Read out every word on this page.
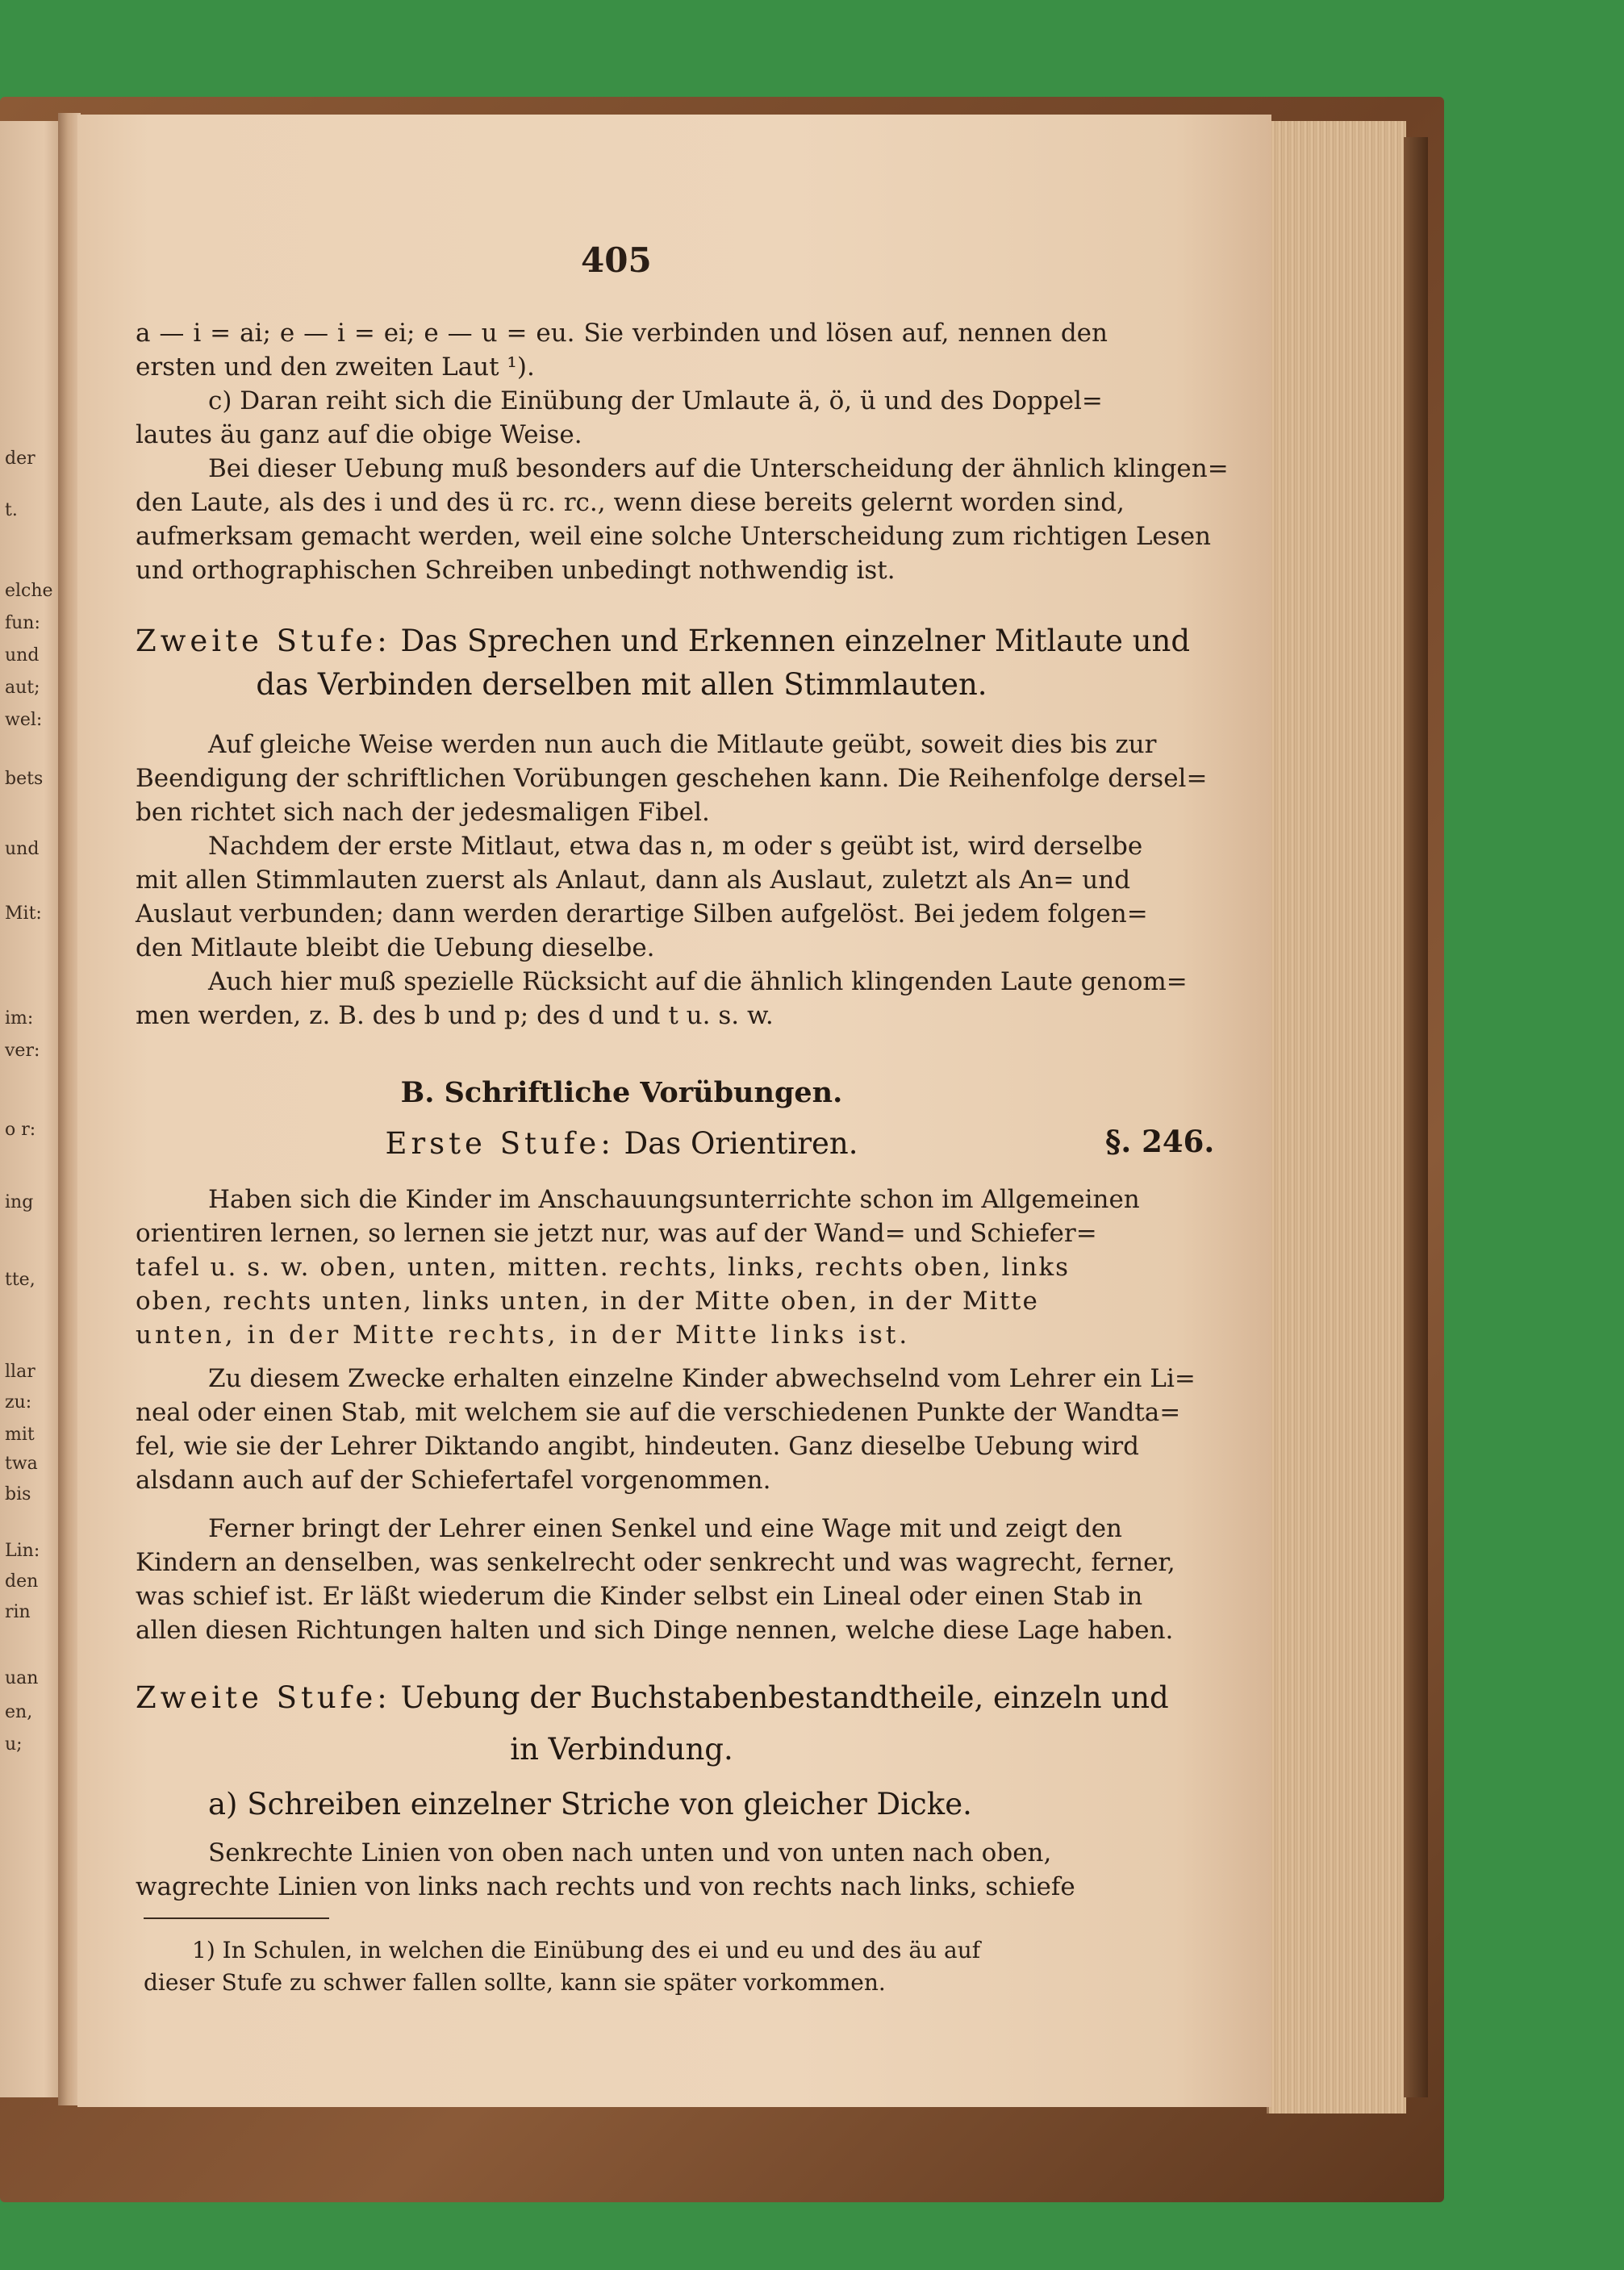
der
t.
elche
fun:
und
aut;
wel:
bets
und
Mit:
im:
ver:
o r:
ing
tte,
llar
zu:
mit
twa
bis
Lin:
den
rin
uan
en,
u;
405
a — i = ai; e — i = ei; e — u = eu. Sie verbinden und lösen auf, nennen den
ersten und den zweiten Laut ¹).
c) Daran reiht sich die Einübung der Umlaute ä, ö, ü und des Doppel=
lautes äu ganz auf die obige Weise.
Bei dieser Uebung muß besonders auf die Unterscheidung der ähnlich klingen=
den Laute, als des i und des ü rc. rc., wenn diese bereits gelernt worden sind,
aufmerksam gemacht werden, weil eine solche Unterscheidung zum richtigen Lesen
und orthographischen Schreiben unbedingt nothwendig ist.
Zweite Stufe: Das Sprechen und Erkennen einzelner Mitlaute und
das Verbinden derselben mit allen Stimmlauten.
Auf gleiche Weise werden nun auch die Mitlaute geübt, soweit dies bis zur
Beendigung der schriftlichen Vorübungen geschehen kann. Die Reihenfolge dersel=
ben richtet sich nach der jedesmaligen Fibel.
Nachdem der erste Mitlaut, etwa das n, m oder s geübt ist, wird derselbe
mit allen Stimmlauten zuerst als Anlaut, dann als Auslaut, zuletzt als An= und
Auslaut verbunden; dann werden derartige Silben aufgelöst. Bei jedem folgen=
den Mitlaute bleibt die Uebung dieselbe.
Auch hier muß spezielle Rücksicht auf die ähnlich klingenden Laute genom=
men werden, z. B. des b und p; des d und t u. s. w.
B. Schriftliche Vorübungen.
Erste Stufe: Das Orientiren.	§. 246.
Haben sich die Kinder im Anschauungsunterrichte schon im Allgemeinen
orientiren lernen, so lernen sie jetzt nur, was auf der Wand= und Schiefer=
tafel u. s. w. oben, unten, mitten. rechts, links, rechts oben, links
oben, rechts unten, links unten, in der Mitte oben, in der Mitte
unten, in der Mitte rechts, in der Mitte links ist.
Zu diesem Zwecke erhalten einzelne Kinder abwechselnd vom Lehrer ein Li=
neal oder einen Stab, mit welchem sie auf die verschiedenen Punkte der Wandta=
fel, wie sie der Lehrer Diktando angibt, hindeuten. Ganz dieselbe Uebung wird
alsdann auch auf der Schiefertafel vorgenommen.
Ferner bringt der Lehrer einen Senkel und eine Wage mit und zeigt den
Kindern an denselben, was senkelrecht oder senkrecht und was wagrecht, ferner,
was schief ist. Er läßt wiederum die Kinder selbst ein Lineal oder einen Stab in
allen diesen Richtungen halten und sich Dinge nennen, welche diese Lage haben.
Zweite Stufe: Uebung der Buchstabenbestandtheile, einzeln und
in Verbindung.
a) Schreiben einzelner Striche von gleicher Dicke.
Senkrechte Linien von oben nach unten und von unten nach oben,
wagrechte Linien von links nach rechts und von rechts nach links, schiefe
1) In Schulen, in welchen die Einübung des ei und eu und des äu auf
dieser Stufe zu schwer fallen sollte, kann sie später vorkommen.
